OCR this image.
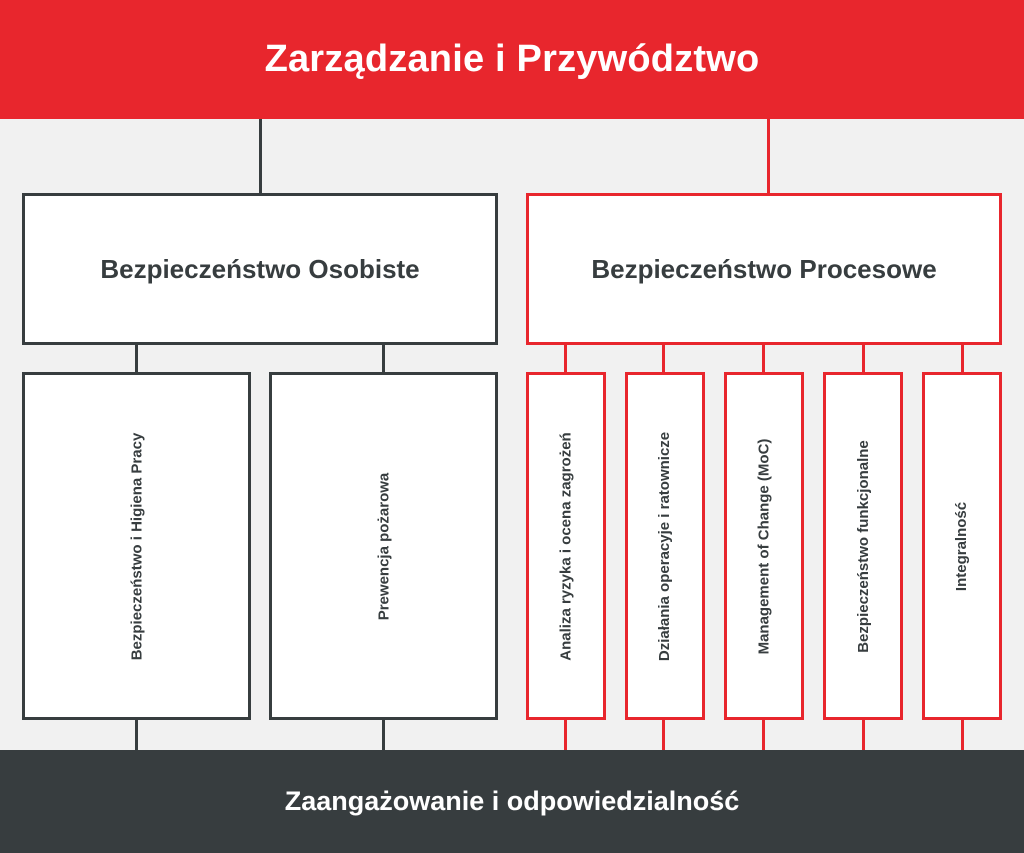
Zarządzanie i Przywództwo
Bezpieczeństwo Osobiste	Bezpieczeństwo Procesowe
Bezpieczeństwo i Higiena Pracy	Prewencja pożarowa	Analiza ryzyka i ocena zagrożeń	Działania operacyje i ratownicze	Management of Change (MoC)	Bezpieczeństwo funkcjonalne	Integralność
Zaangażowanie i odpowiedzialność
